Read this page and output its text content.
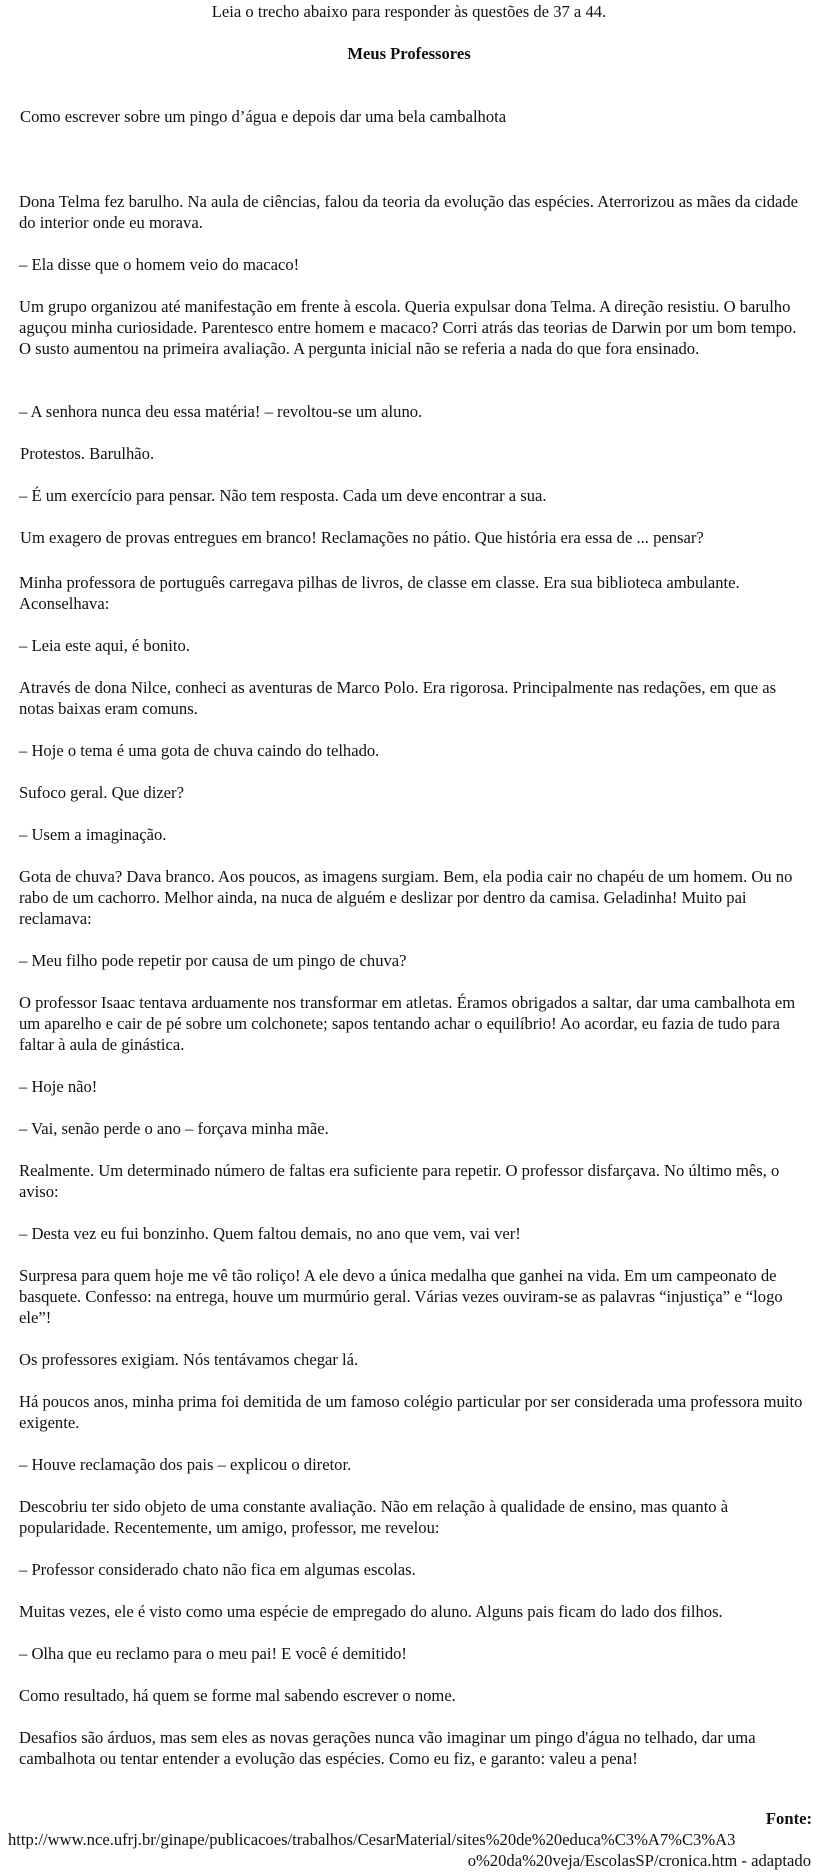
Leia o trecho abaixo para responder às questões de 37 a 44.

Meus Professores

Como escrever sobre um pingo d’água e depois dar uma bela cambalhota

Dona Telma fez barulho. Na aula de ciências, falou da teoria da evolução das espécies. Aterrorizou as mães da cidade do interior onde eu morava.

– Ela disse que o homem veio do macaco!

Um grupo organizou até manifestação em frente à escola. Queria expulsar dona Telma. A direção resistiu. O barulho aguçou minha curiosidade. Parentesco entre homem e macaco? Corri atrás das teorias de Darwin por um bom tempo. O susto aumentou na primeira avaliação. A pergunta inicial não se referia a nada do que fora ensinado.

– A senhora nunca deu essa matéria! – revoltou-se um aluno.

Protestos. Barulhão.

– É um exercício para pensar. Não tem resposta. Cada um deve encontrar a sua.

Um exagero de provas entregues em branco! Reclamações no pátio. Que história era essa de ... pensar?

Minha professora de português carregava pilhas de livros, de classe em classe. Era sua biblioteca ambulante. Aconselhava:

– Leia este aqui, é bonito.

Através de dona Nilce, conheci as aventuras de Marco Polo. Era rigorosa. Principalmente nas redações, em que as notas baixas eram comuns.

– Hoje o tema é uma gota de chuva caindo do telhado.

Sufoco geral. Que dizer?

– Usem a imaginação.

Gota de chuva? Dava branco. Aos poucos, as imagens surgiam. Bem, ela podia cair no chapéu de um homem. Ou no rabo de um cachorro. Melhor ainda, na nuca de alguém e deslizar por dentro da camisa. Geladinha! Muito pai reclamava:

– Meu filho pode repetir por causa de um pingo de chuva?

O professor Isaac tentava arduamente nos transformar em atletas. Éramos obrigados a saltar, dar uma cambalhota em um aparelho e cair de pé sobre um colchonete; sapos tentando achar o equilíbrio! Ao acordar, eu fazia de tudo para faltar à aula de ginástica.

– Hoje não!

– Vai, senão perde o ano – forçava minha mãe.

Realmente. Um determinado número de faltas era suficiente para repetir. O professor disfarçava. No último mês, o aviso:

– Desta vez eu fui bonzinho. Quem faltou demais, no ano que vem, vai ver!

Surpresa para quem hoje me vê tão roliço! A ele devo a única medalha que ganhei na vida. Em um campeonato de basquete. Confesso: na entrega, houve um murmúrio geral. Várias vezes ouviram-se as palavras “injustiça” e “logo ele”!

Os professores exigiam. Nós tentávamos chegar lá.

Há poucos anos, minha prima foi demitida de um famoso colégio particular por ser considerada uma professora muito exigente.

– Houve reclamação dos pais – explicou o diretor.

Descobriu ter sido objeto de uma constante avaliação. Não em relação à qualidade de ensino, mas quanto à popularidade. Recentemente, um amigo, professor, me revelou:

– Professor considerado chato não fica em algumas escolas.

Muitas vezes, ele é visto como uma espécie de empregado do aluno. Alguns pais ficam do lado dos filhos.

– Olha que eu reclamo para o meu pai! E você é demitido!

Como resultado, há quem se forme mal sabendo escrever o nome.

Desafios são árduos, mas sem eles as novas gerações nunca vão imaginar um pingo d'água no telhado, dar uma cambalhota ou tentar entender a evolução das espécies. Como eu fiz, e garanto: valeu a pena!

Fonte:

http://www.nce.ufrj.br/ginape/publicacoes/trabalhos/CesarMaterial/sites%20de%20educa%C3%A7%C3%A3

o%20da%20veja/EscolasSP/cronica.htm - adaptado
